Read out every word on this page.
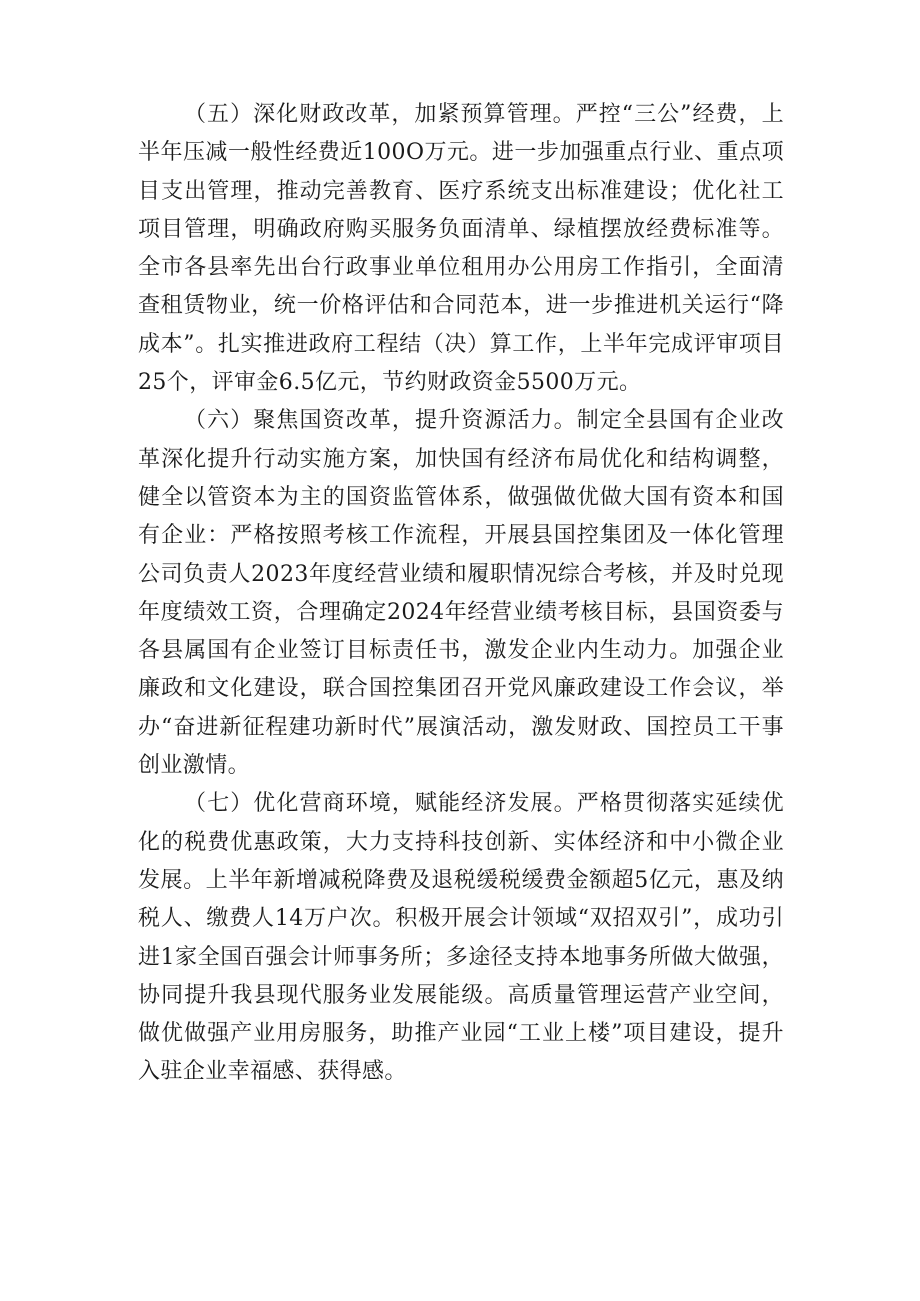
（五）深化财政改革，加紧预算管理。严控“三公”经费，上半年压减一般性经费近100O万元。进一步加强重点行业、重点项目支出管理，推动完善教育、医疗系统支出标准建设；优化社工项目管理，明确政府购买服务负面清单、绿植摆放经费标准等。全市各县率先出台行政事业单位租用办公用房工作指引，全面清查租赁物业，统一价格评估和合同范本，进一步推进机关运行“降成本”。扎实推进政府工程结（决）算工作，上半年完成评审项目25个，评审金6.5亿元，节约财政资金5500万元。

（六）聚焦国资改革，提升资源活力。制定全县国有企业改革深化提升行动实施方案，加快国有经济布局优化和结构调整，健全以管资本为主的国资监管体系，做强做优做大国有资本和国有企业：严格按照考核工作流程，开展县国控集团及一体化管理公司负责人2023年度经营业绩和履职情况综合考核，并及时兑现年度绩效工资，合理确定2024年经营业绩考核目标，县国资委与各县属国有企业签订目标责任书，激发企业内生动力。加强企业廉政和文化建设，联合国控集团召开党风廉政建设工作会议，举办“奋进新征程建功新时代”展演活动，激发财政、国控员工干事创业激情。

（七）优化营商环境，赋能经济发展。严格贯彻落实延续优化的税费优惠政策，大力支持科技创新、实体经济和中小微企业发展。上半年新增减税降费及退税缓税缓费金额超5亿元，惠及纳税人、缴费人14万户次。积极开展会计领域“双招双引”，成功引进1家全国百强会计师事务所；多途径支持本地事务所做大做强，协同提升我县现代服务业发展能级。高质量管理运营产业空间，做优做强产业用房服务，助推产业园“工业上楼”项目建设，提升入驻企业幸福感、获得感。
